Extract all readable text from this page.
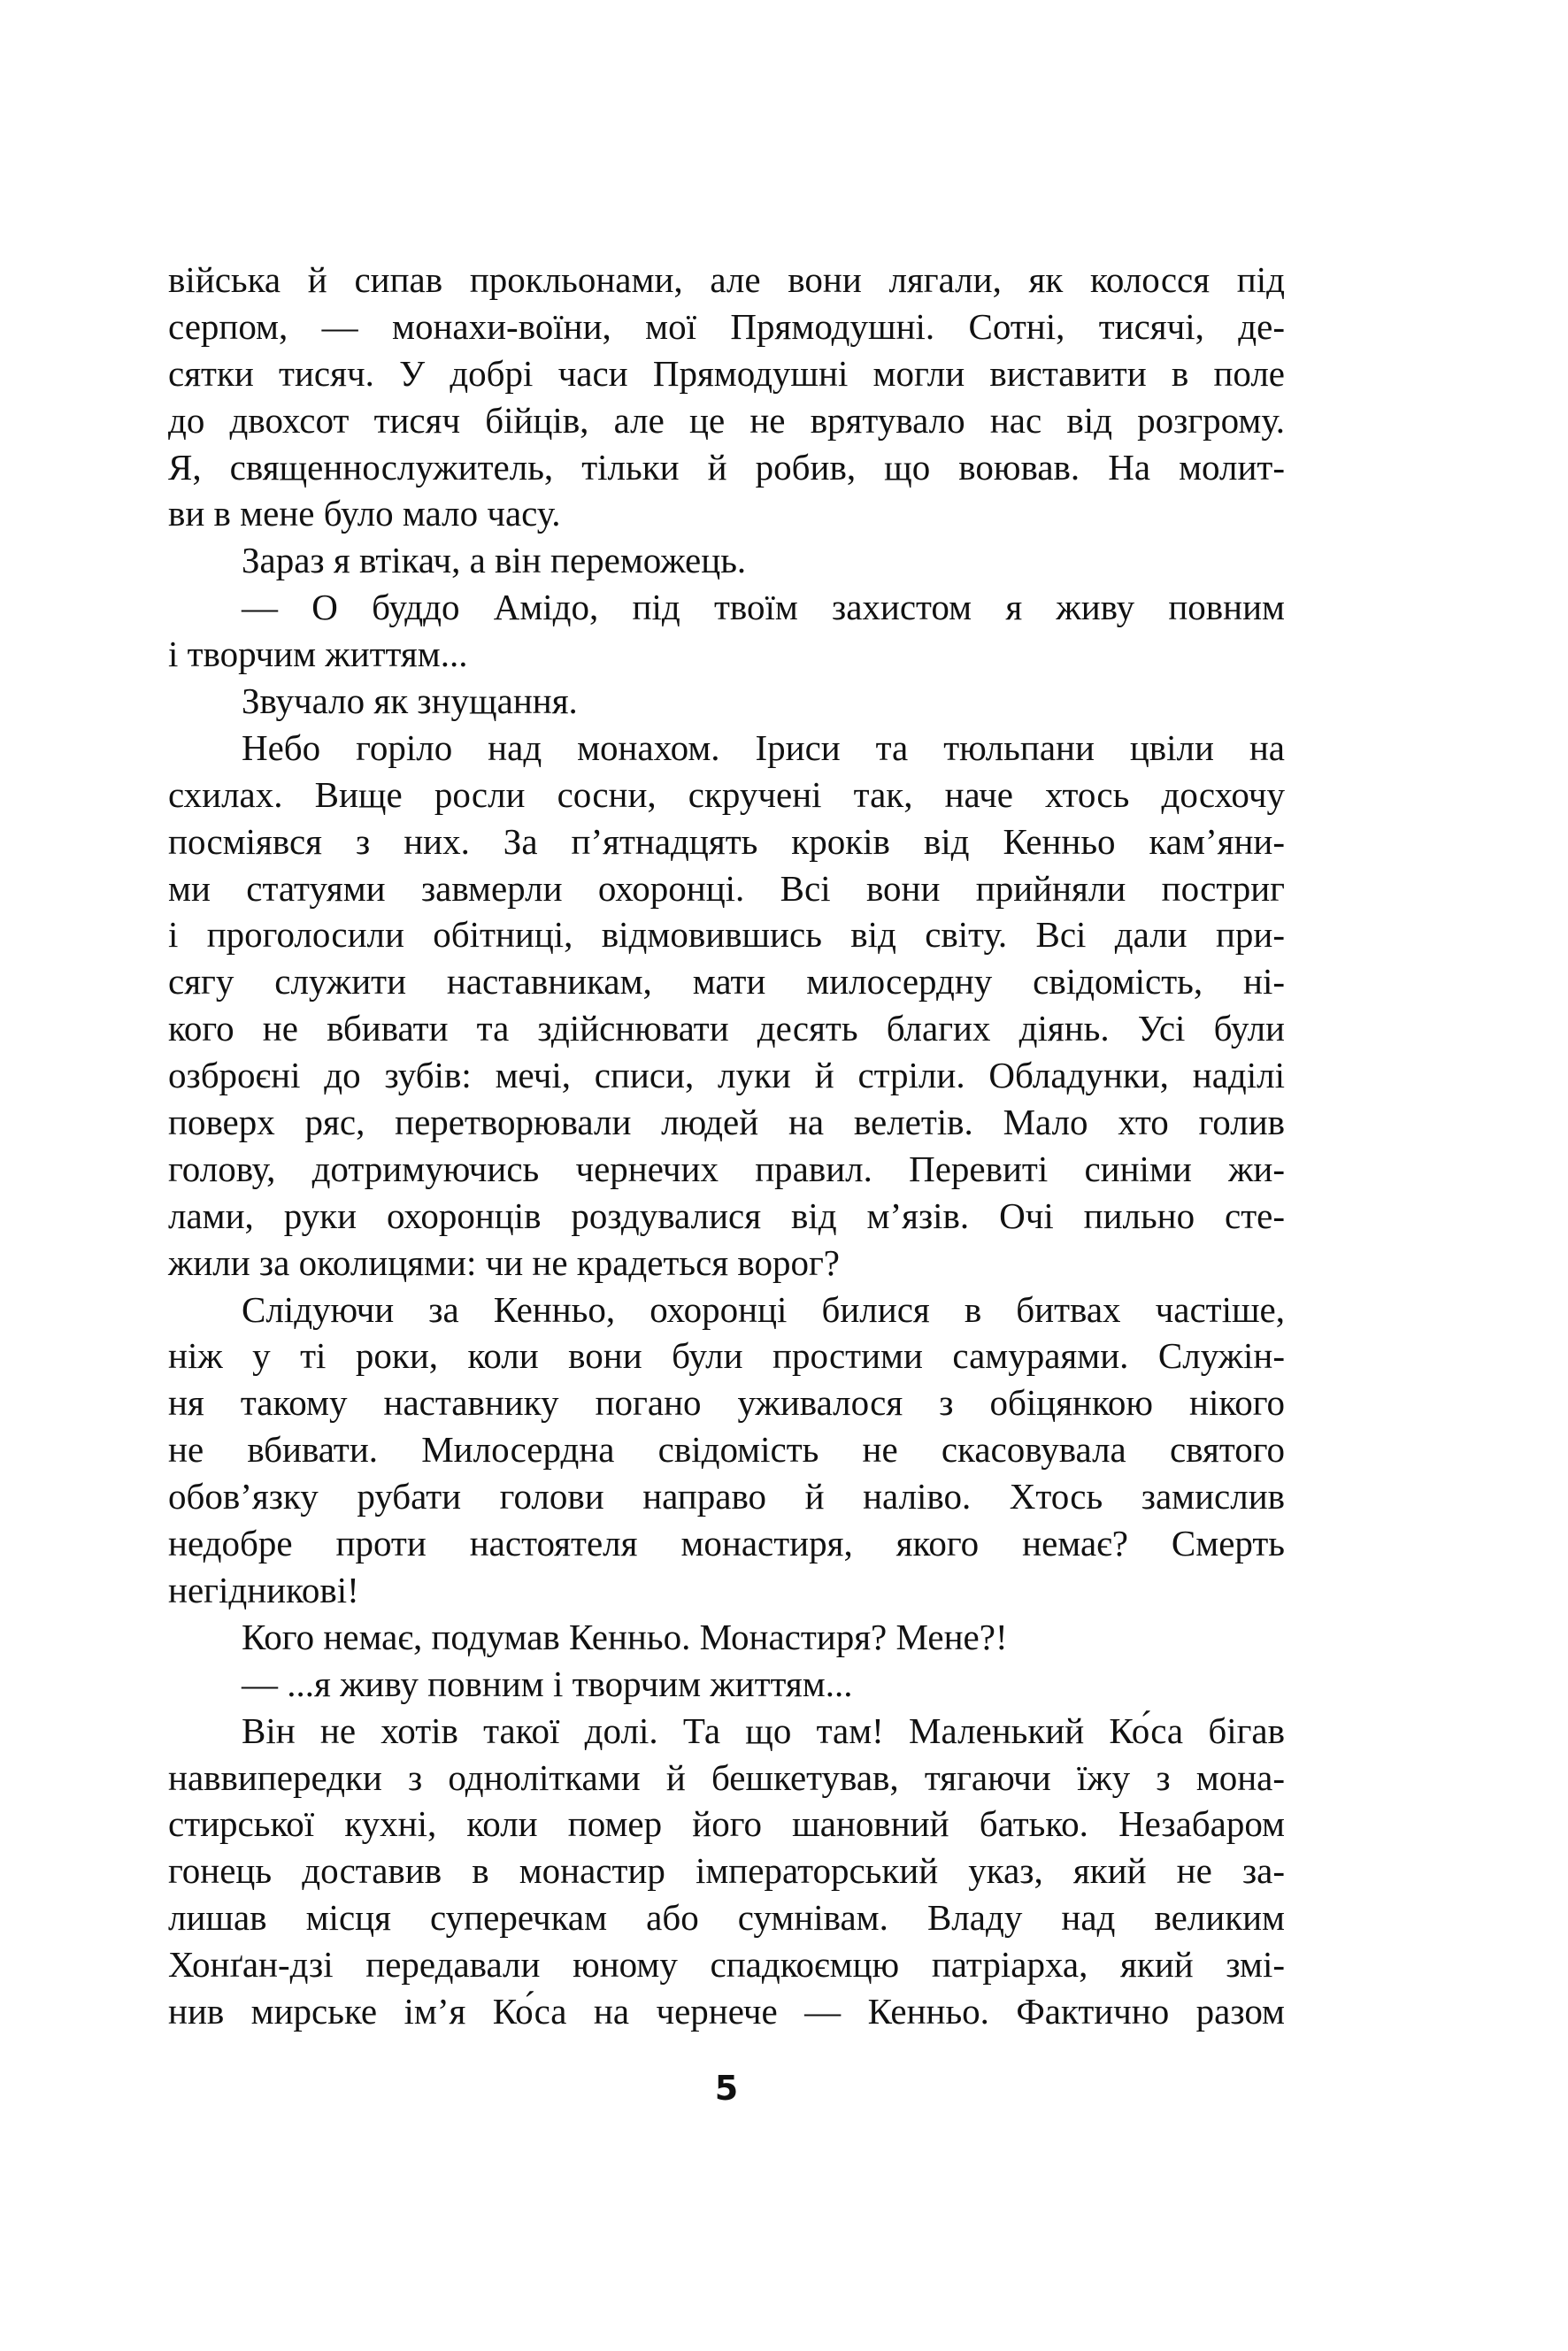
війська й сипав прокльонами, але вони лягали, як колосся під
серпом, — монахи-воїни, мої Прямодушні. Сотні, тисячі, де-
сятки тисяч. У добрі часи Прямодушні могли виставити в поле
до двохсот тисяч бійців, але це не врятувало нас від розгрому.
Я, священнослужитель, тільки й робив, що воював. На молит-
ви в мене було мало часу.
Зараз я втікач, а він переможець.
— О буддо Амідо, під твоїм захистом я живу повним
і творчим життям...
Звучало як знущання.
Небо горіло над монахом. Іриси та тюльпани цвіли на
схилах. Вище росли сосни, скручені так, наче хтось досхочу
посміявся з них. За п’ятнадцять кроків від Кенньо кам’яни-
ми статуями завмерли охоронці. Всі вони прийняли постриг
і проголосили обітниці, відмовившись від світу. Всі дали при-
сягу служити наставникам, мати милосердну свідомість, ні-
кого не вбивати та здійснювати десять благих діянь. Усі були
озброєні до зубів: мечі, списи, луки й стріли. Обладунки, наділі
поверх ряс, перетворювали людей на велетів. Мало хто голив
голову, дотримуючись чернечих правил. Перевиті синіми жи-
лами, руки охоронців роздувалися від м’язів. Очі пильно сте-
жили за околицями: чи не крадеться ворог?
Слідуючи за Кенньо, охоронці билися в битвах частіше,
ніж у ті роки, коли вони були простими самураями. Служін-
ня такому наставнику погано уживалося з обіцянкою нікого
не вбивати. Милосердна свідомість не скасовувала святого
обов’язку рубати голови направо й наліво. Хтось замислив
недобре проти настоятеля монастиря, якого немає? Смерть
негідникові!
Кого немає, подумав Кенньо. Монастиря? Мене?!
— ...я живу повним і творчим життям...
Він не хотів такої долі. Та що там! Маленький Ко́са бігав
наввипередки з однолітками й бешкетував, тягаючи їжу з мона-
стирської кухні, коли помер його шановний батько. Незабаром
гонець доставив в монастир імператорський указ, який не за-
лишав місця суперечкам або сумнівам. Владу над великим
Хонґан-дзі передавали юному спадкоємцю патріарха, який змі-
нив мирське ім’я Ко́са на чернече — Кенньо. Фактично разом
5
